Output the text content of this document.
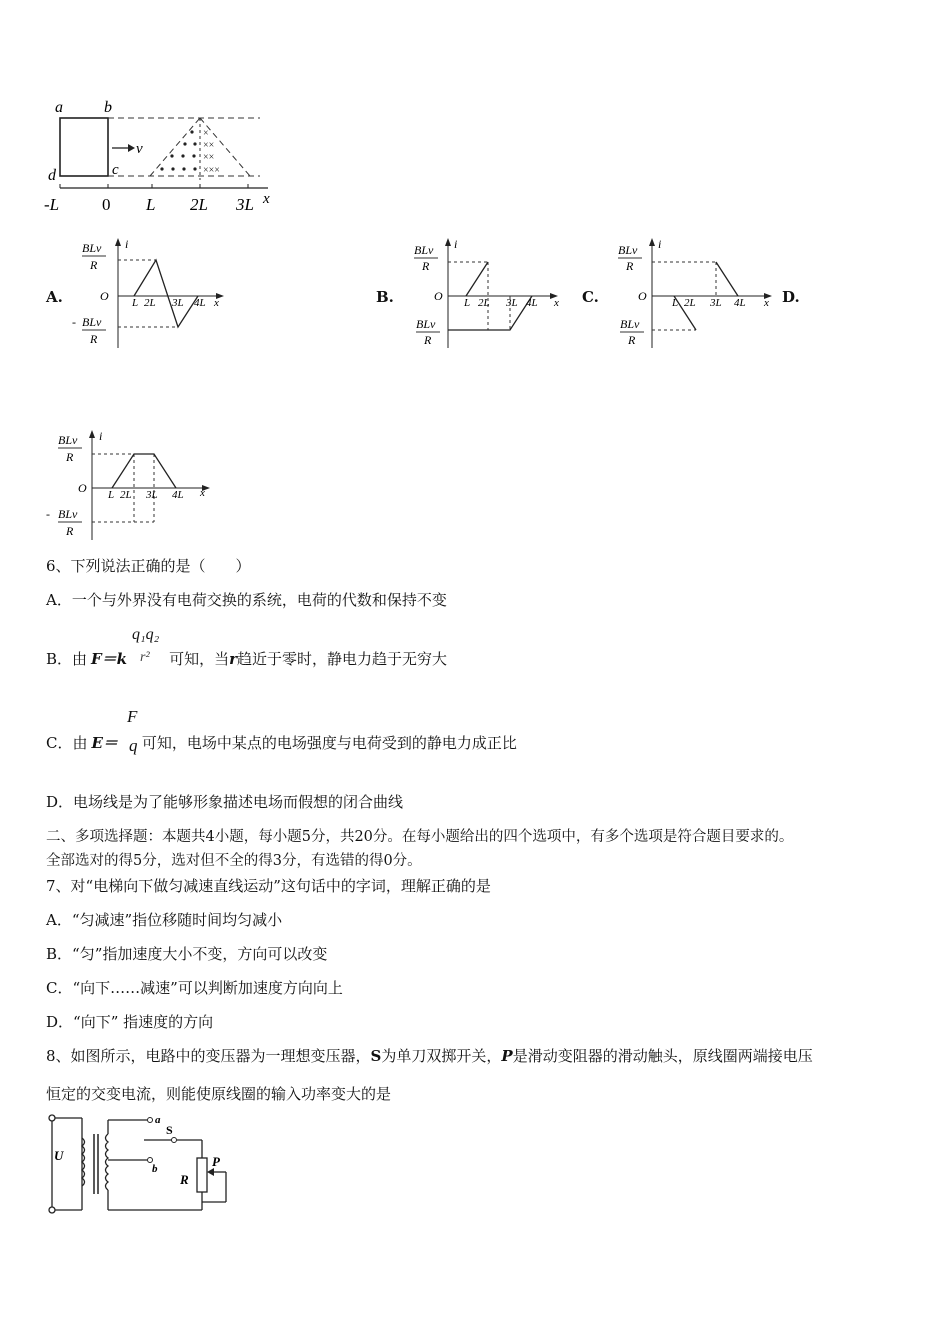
×
××
××
×××
v
a	b
c
d
-L	0 L 2L 3L x
A.	B.	C.	D.
BLv
R
i
O	x
L 2L 3L 4L
- BLv
R
BLv
R
i
O	x
L 2L 3L 4L
BLv
R
BLv
R
i
O	x
L 2L 3L 4L
BLv
R
BLv
R
i
O	x
L 2L 3L 4L
- BLv
R
6、下列说法正确的是（　　）
A．一个与外界没有电荷交换的系统，电荷的代数和保持不变
B．由 F＝k	可知，当r趋近于零时，静电力趋于无穷大
q₁q₂
r²
C．由 E＝ 可知，电场中某点的电场强度与电荷受到的静电力成正比
F
q
D．电场线是为了能够形象描述电场而假想的闭合曲线
二、多项选择题：本题共4小题，每小题5分，共20分。在每小题给出的四个选项中，有多个选项是符合题目要求的。
全部选对的得5分，选对但不全的得3分，有选错的得0分。
7、对“电梯向下做匀减速直线运动”这句话中的字词，理解正确的是
A．“匀减速”指位移随时间均匀减小
B．“匀”指加速度大小不变，方向可以改变
C．“向下……减速”可以判断加速度方向向上
D．“向下” 指速度的方向
8、如图所示，电路中的变压器为一理想变压器，S为单刀双掷开关，P是滑动变阻器的滑动触头，原线圈两端接电压
恒定的交变电流，则能使原线圈的输入功率变大的是
U
a
b
S
R
P
